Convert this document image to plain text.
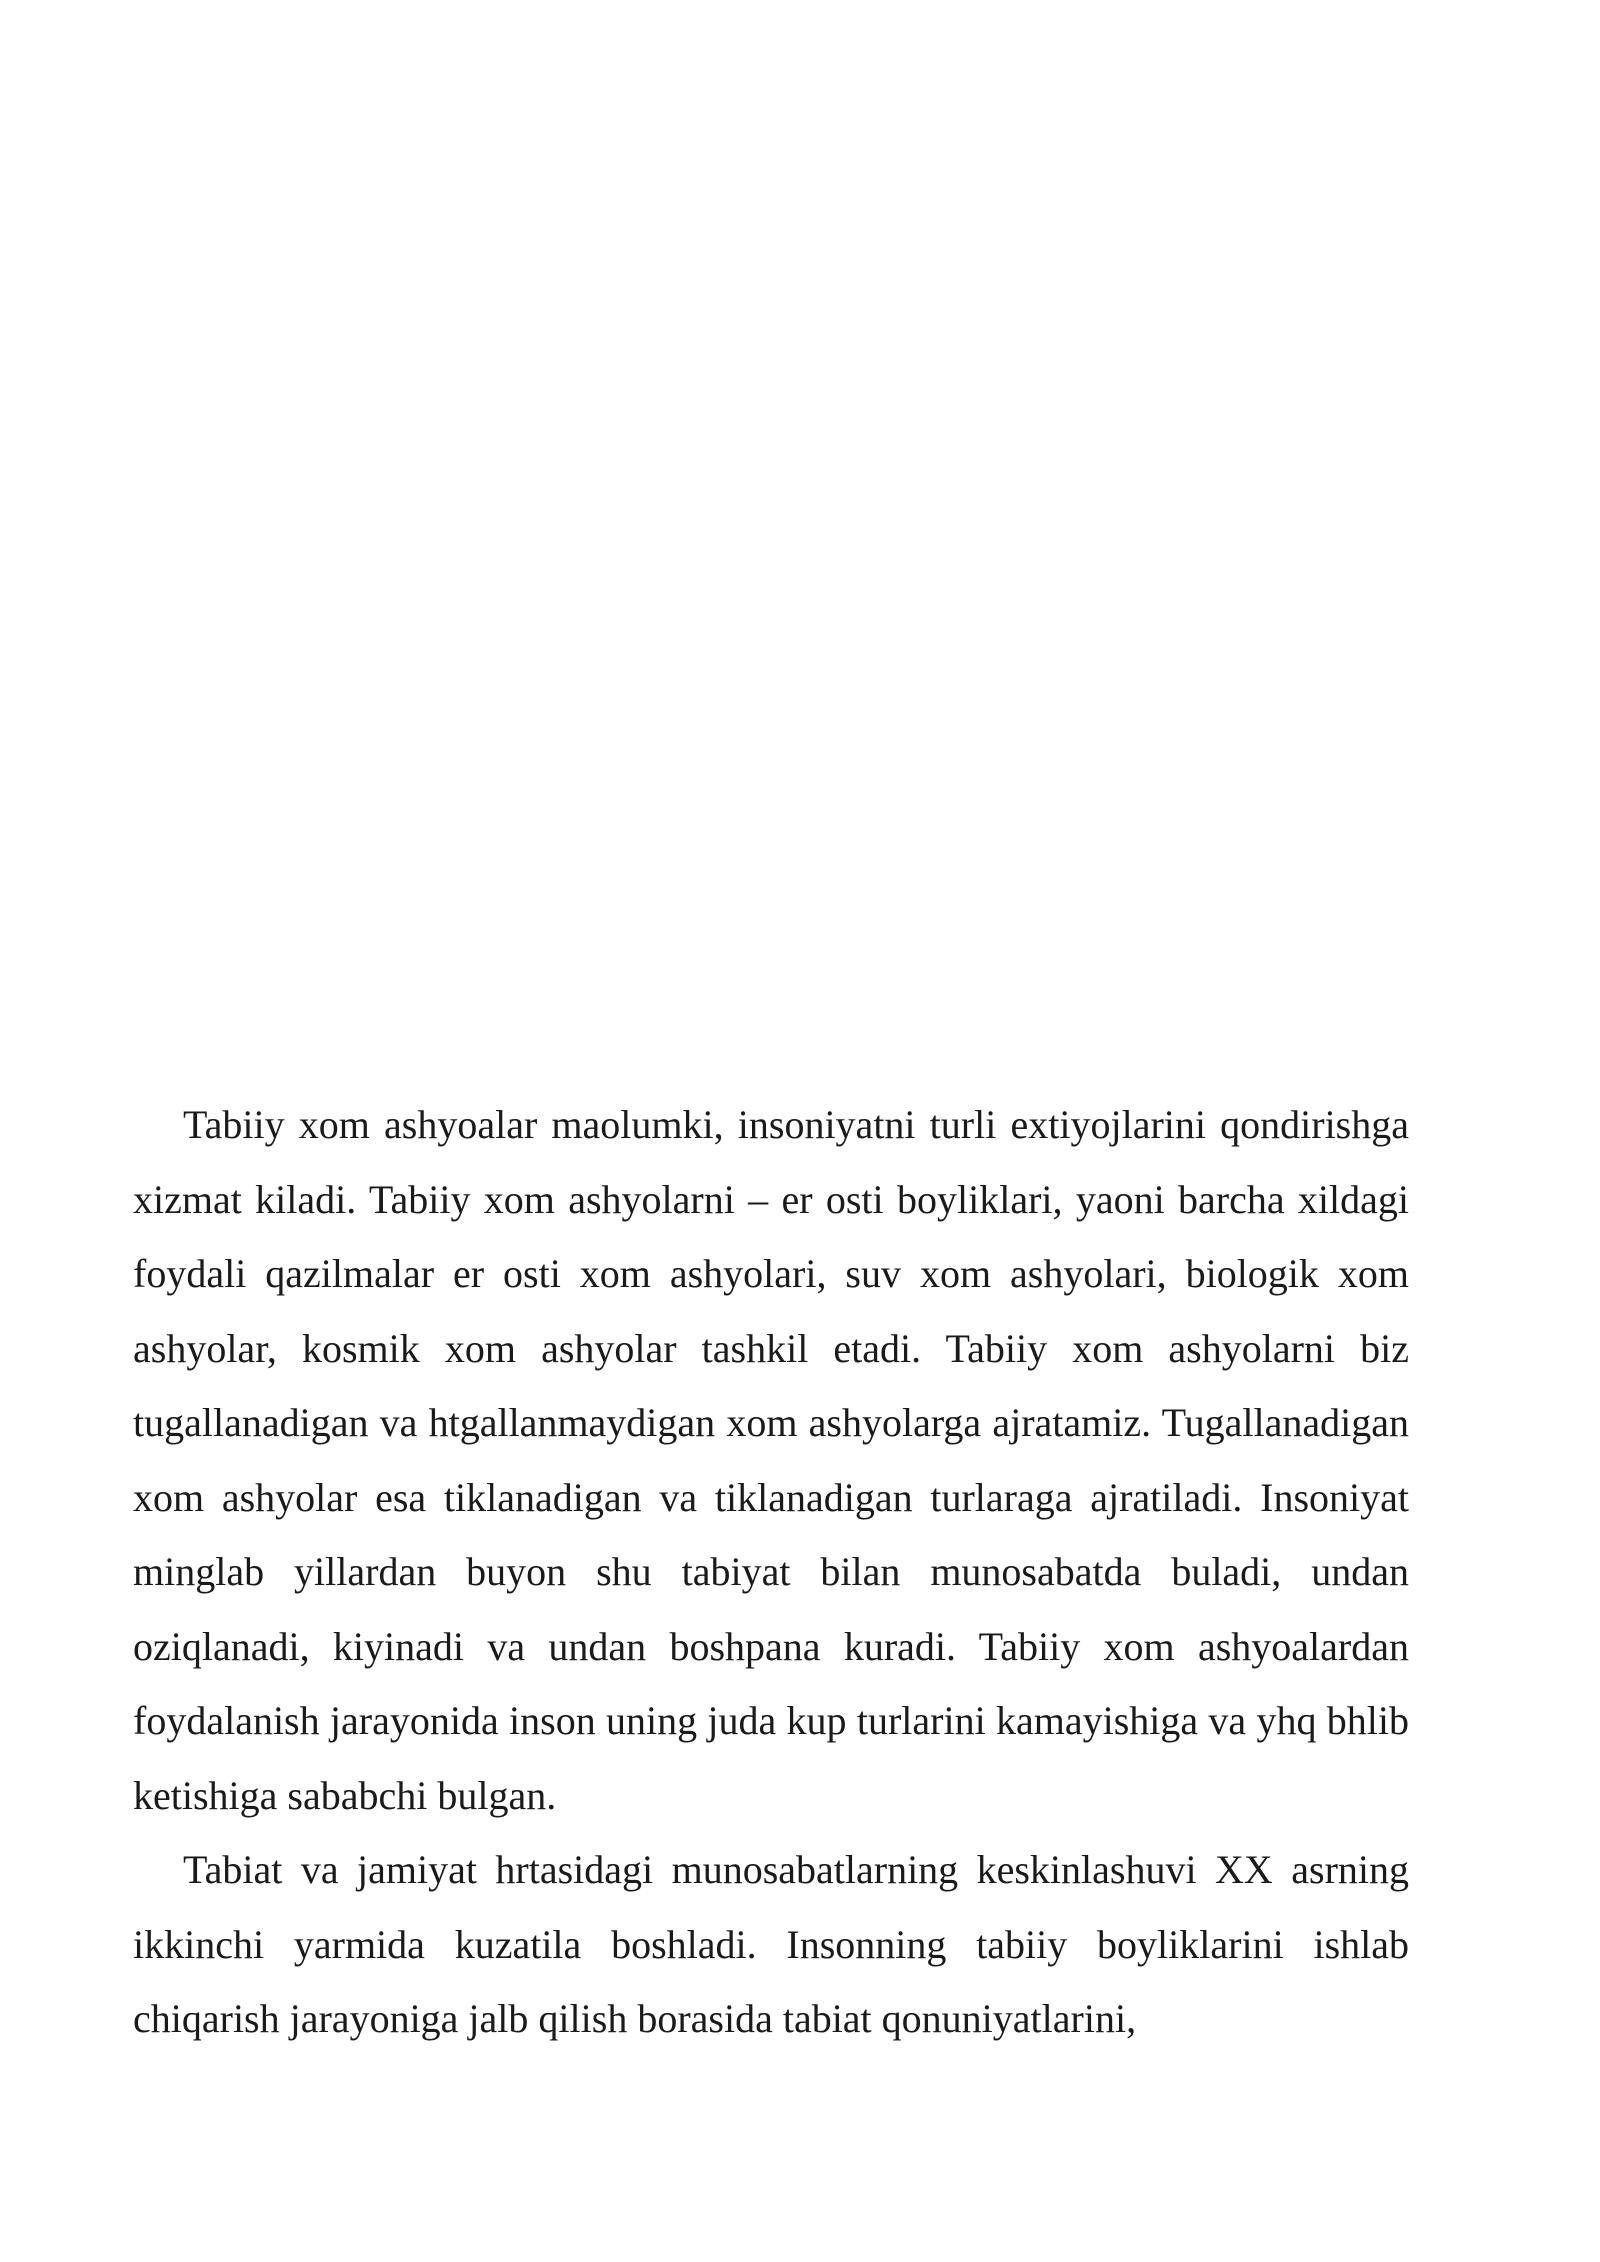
Tabiiy xom ashyoalar maolumki, insoniyatni turli extiyojlarini qondirishga xizmat kiladi. Tabiiy xom ashyolarni – er osti boyliklari, yaoni barcha xildagi foydali qazilmalar er osti xom ashyolari, suv xom ashyolari, biologik xom ashyolar, kosmik xom ashyolar tashkil etadi. Tabiiy xom ashyolarni biz tugallanadigan va htgallanmaydigan xom ashyolarga ajratamiz. Tugallanadigan xom ashyolar esa tiklanadigan va tiklanadigan turlaraga ajratiladi. Insoniyat minglab yillardan buyon shu tabiyat bilan munosabatda buladi, undan oziqlanadi, kiyinadi va undan boshpana kuradi. Tabiiy xom ashyoalardan foydalanish jarayonida inson uning juda kup turlarini kamayishiga va yhq bhlib ketishiga sababchi bulgan.

Tabiat va jamiyat hrtasidagi munosabatlarning keskinlashuvi XX asrning ikkinchi yarmida kuzatila boshladi. Insonning tabiiy boyliklarini ishlab chiqarish jarayoniga jalb qilish borasida tabiat qonuniyatlarini,
